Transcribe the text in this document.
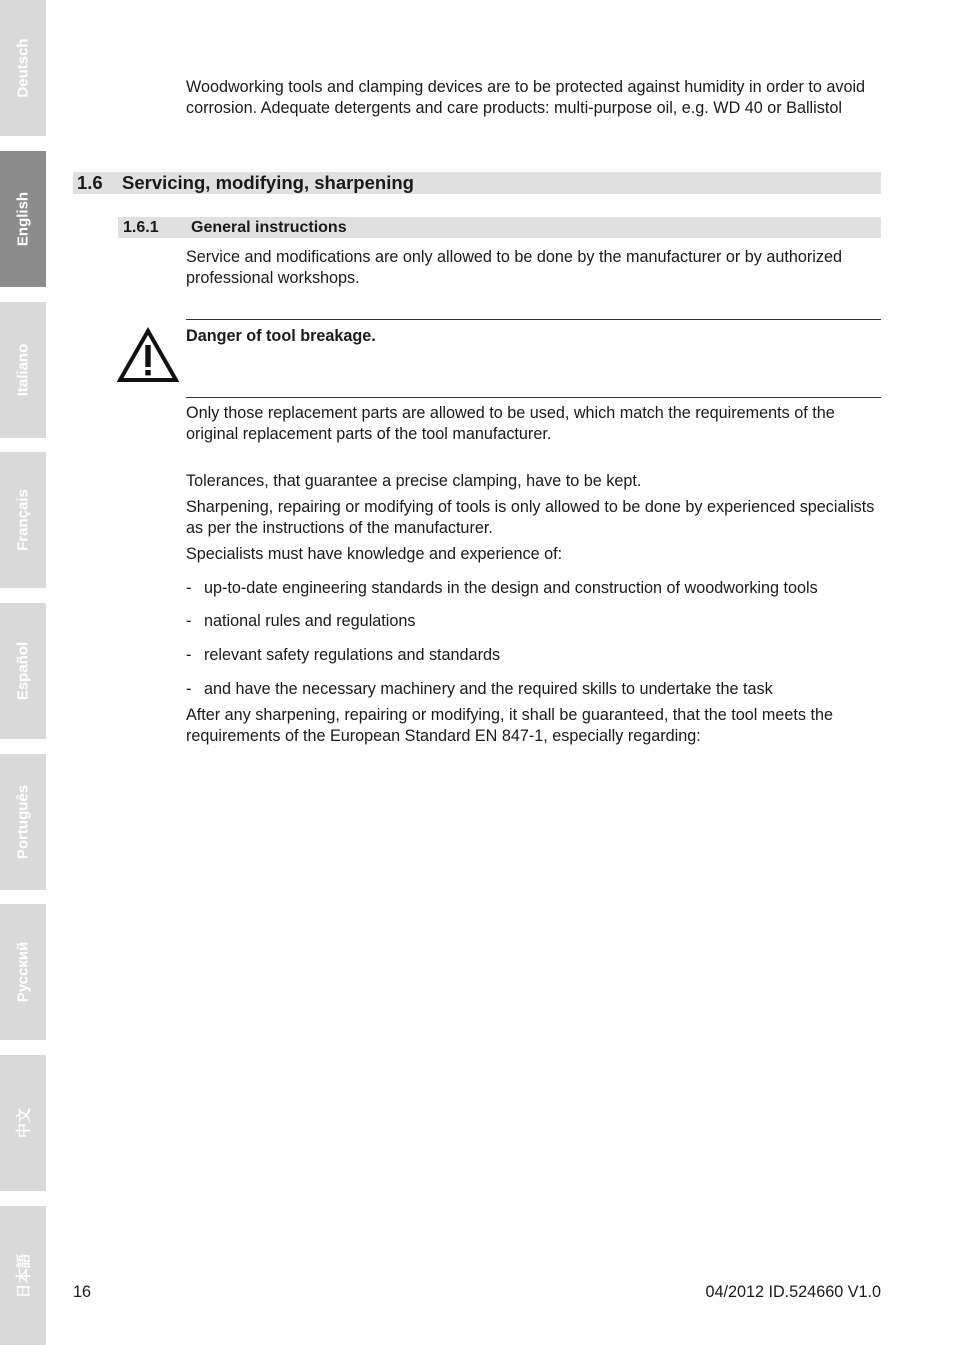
Deutsch
English
Italiano
Français
Español
Português
Русский
中文
日本語

Woodworking tools and clamping devices are to be protected against humidity in order to avoid corrosion. Adequate detergents and care products: multi-purpose oil, e.g. WD 40 or Ballistol

1.6 Servicing, modifying, sharpening
1.6.1 General instructions

Service and modifications are only allowed to be done by the manufacturer or by authorized professional workshops.

Danger of tool breakage.

Only those replacement parts are allowed to be used, which match the requirements of the original replacement parts of the tool manufacturer.

Tolerances, that guarantee a precise clamping, have to be kept.

Sharpening, repairing or modifying of tools is only allowed to be done by experienced specialists as per the instructions of the manufacturer.

Specialists must have knowledge and experience of:

- up-to-date engineering standards in the design and construction of woodworking tools
- national rules and regulations
- relevant safety regulations and standards
- and have the necessary machinery and the required skills to undertake the task

After any sharpening, repairing or modifying, it shall be guaranteed, that the tool meets the requirements of the European Standard EN 847-1, especially regarding:

16	04/2012 ID.524660 V1.0
